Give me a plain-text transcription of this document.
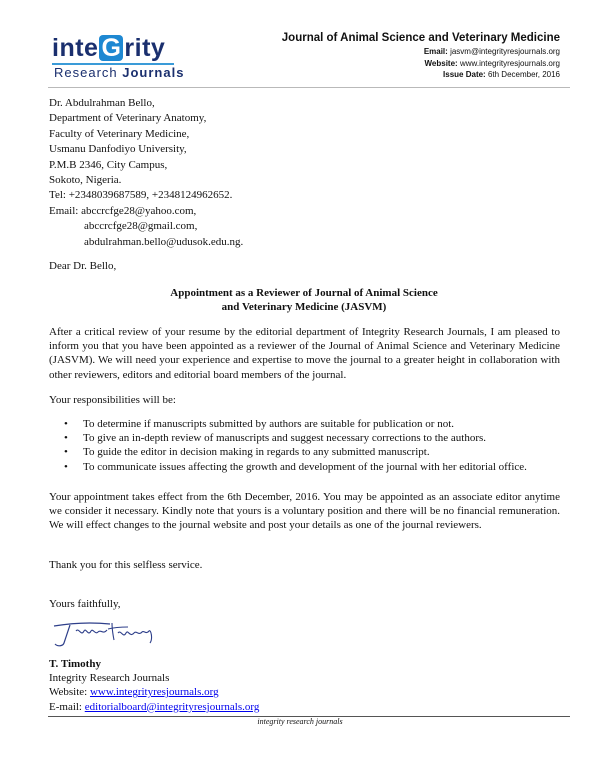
inte G rity
Research Journals
Journal of Animal Science and Veterinary Medicine
Email: jasvm@integrityresjournals.org
Website: www.integrityresjournals.org
Issue Date: 6th December, 2016
Dr. Abdulrahman Bello,
Department of Veterinary Anatomy,
Faculty of Veterinary Medicine,
Usmanu Danfodiyo University,
P.M.B 2346, City Campus,
Sokoto, Nigeria.
Tel: +2348039687589, +2348124962652.
Email: abccrcfge28@yahoo.com,
abccrcfge28@gmail.com,
abdulrahman.bello@udusok.edu.ng.
Dear Dr. Bello,
Appointment as a Reviewer of Journal of Animal Science
and Veterinary Medicine (JASVM)
After a critical review of your resume by the editorial department of Integrity Research Journals, I am pleased to inform you that you have been appointed as a reviewer of the Journal of Animal Science and Veterinary Medicine (JASVM). We will need your experience and expertise to move the journal to a greater height in collaboration with other reviewers, editors and editorial board members of the journal.
Your responsibilities will be:
• To determine if manuscripts submitted by authors are suitable for publication or not.
• To give an in-depth review of manuscripts and suggest necessary corrections to the authors.
• To guide the editor in decision making in regards to any submitted manuscript.
• To communicate issues affecting the growth and development of the journal with her editorial office.
Your appointment takes effect from the 6th December, 2016. You may be appointed as an associate editor anytime we consider it necessary. Kindly note that yours is a voluntary position and there will be no financial remuneration. We will effect changes to the journal website and post your details as one of the journal reviewers.
Thank you for this selfless service.
Yours faithfully,
T. Timothy
Integrity Research Journals
Website: www.integrityresjournals.org
E-mail: editorialboard@integrityresjournals.org
integrity research journals
